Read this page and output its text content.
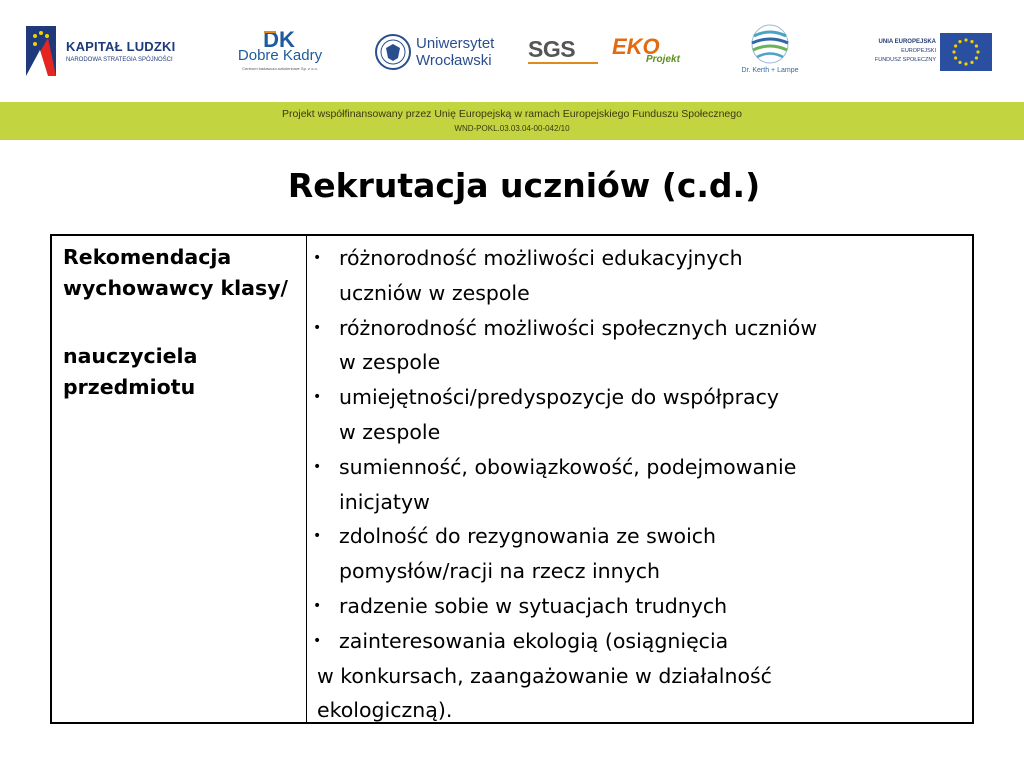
KAPITAŁ LUDZKI
NARODOWA STRATEGIA SPÓJNOŚCI
DK
Dobre Kadry
Centrum badawczo-szkoleniowe Sp. z o.o.
Uniwersytet
Wrocławski SGS	EKO
Projekt
Dr. Kerth + Lampe
UNIA EUROPEJSKA
EUROPEJSKI
FUNDUSZ SPOŁECZNY
Projekt współfinansowany przez Unię Europejską w ramach Europejskiego Funduszu Społecznego
WND-POKL.03.03.04-00-042/10
Rekrutacja uczniów (c.d.)

Rekomendacja wychowawcy klasy/

nauczyciela przedmiotu

• różnorodność możliwości edukacyjnych
uczniów w zespole
• różnorodność możliwości społecznych uczniów
w zespole
• umiejętności/predyspozycje do współpracy
w zespole
• sumienność, obowiązkowość, podejmowanie
inicjatyw
• zdolność do rezygnowania ze swoich
pomysłów/racji na rzecz innych
• radzenie sobie w sytuacjach trudnych
• zainteresowania ekologią (osiągnięcia
w konkursach, zaangażowanie w działalność
ekologiczną).
